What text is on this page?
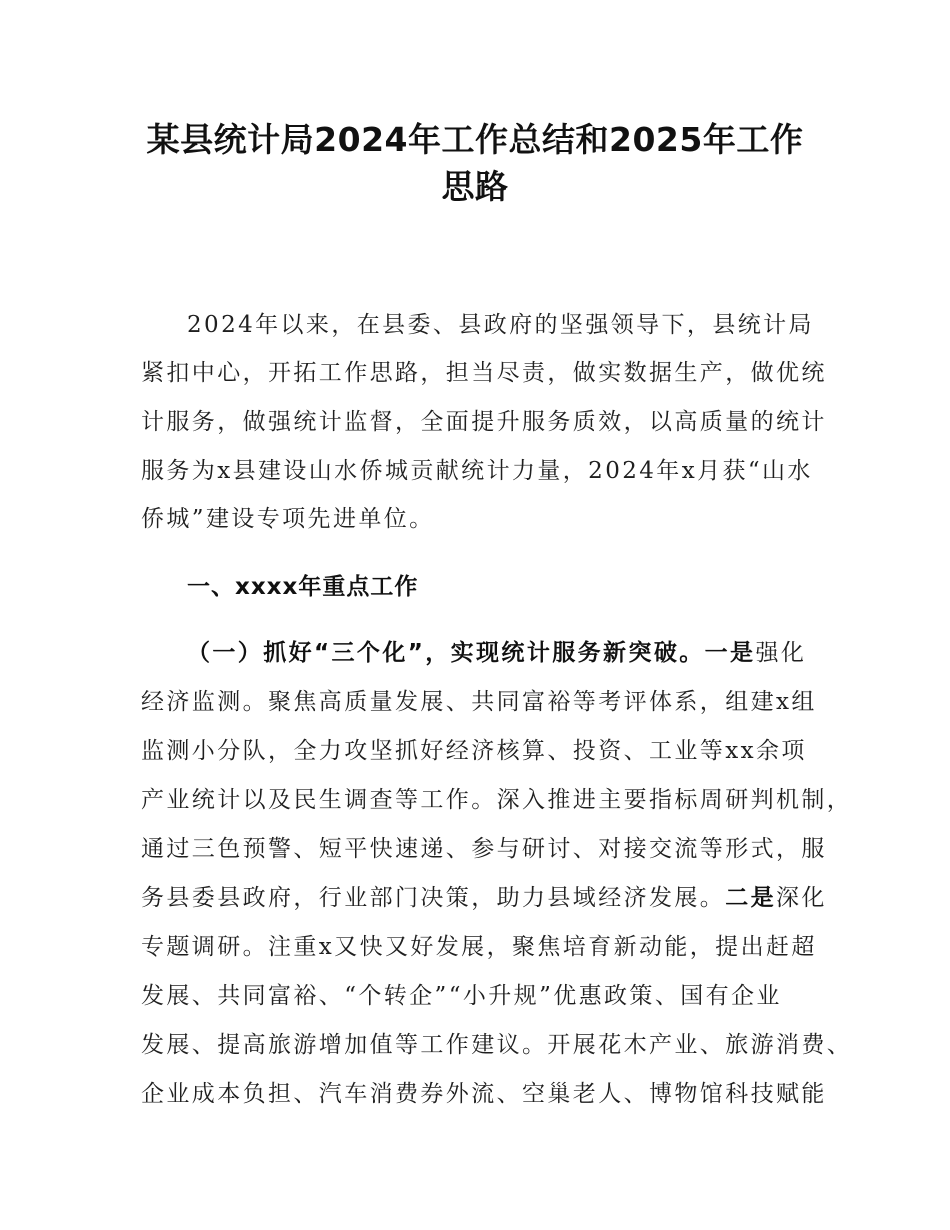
某县统计局2024年工作总结和2025年工作
思路
2024年以来，在县委、县政府的坚强领导下，县统计局
紧扣中心，开拓工作思路，担当尽责，做实数据生产，做优统
计服务，做强统计监督，全面提升服务质效，以高质量的统计
服务为x县建设山水侨城贡献统计力量，2024年x月获“山水
侨城”建设专项先进单位。
一、xxxx年重点工作
（一）抓好“三个化”，实现统计服务新突破。一是强化
经济监测。聚焦高质量发展、共同富裕等考评体系，组建x组
监测小分队，全力攻坚抓好经济核算、投资、工业等xx余项
产业统计以及民生调查等工作。深入推进主要指标周研判机制，
通过三色预警、短平快速递、参与研讨、对接交流等形式，服
务县委县政府，行业部门决策，助力县域经济发展。二是深化
专题调研。注重x又快又好发展，聚焦培育新动能，提出赶超
发展、共同富裕、“个转企”“小升规”优惠政策、国有企业
发展、提高旅游增加值等工作建议。开展花木产业、旅游消费、
企业成本负担、汽车消费券外流、空巢老人、博物馆科技赋能
